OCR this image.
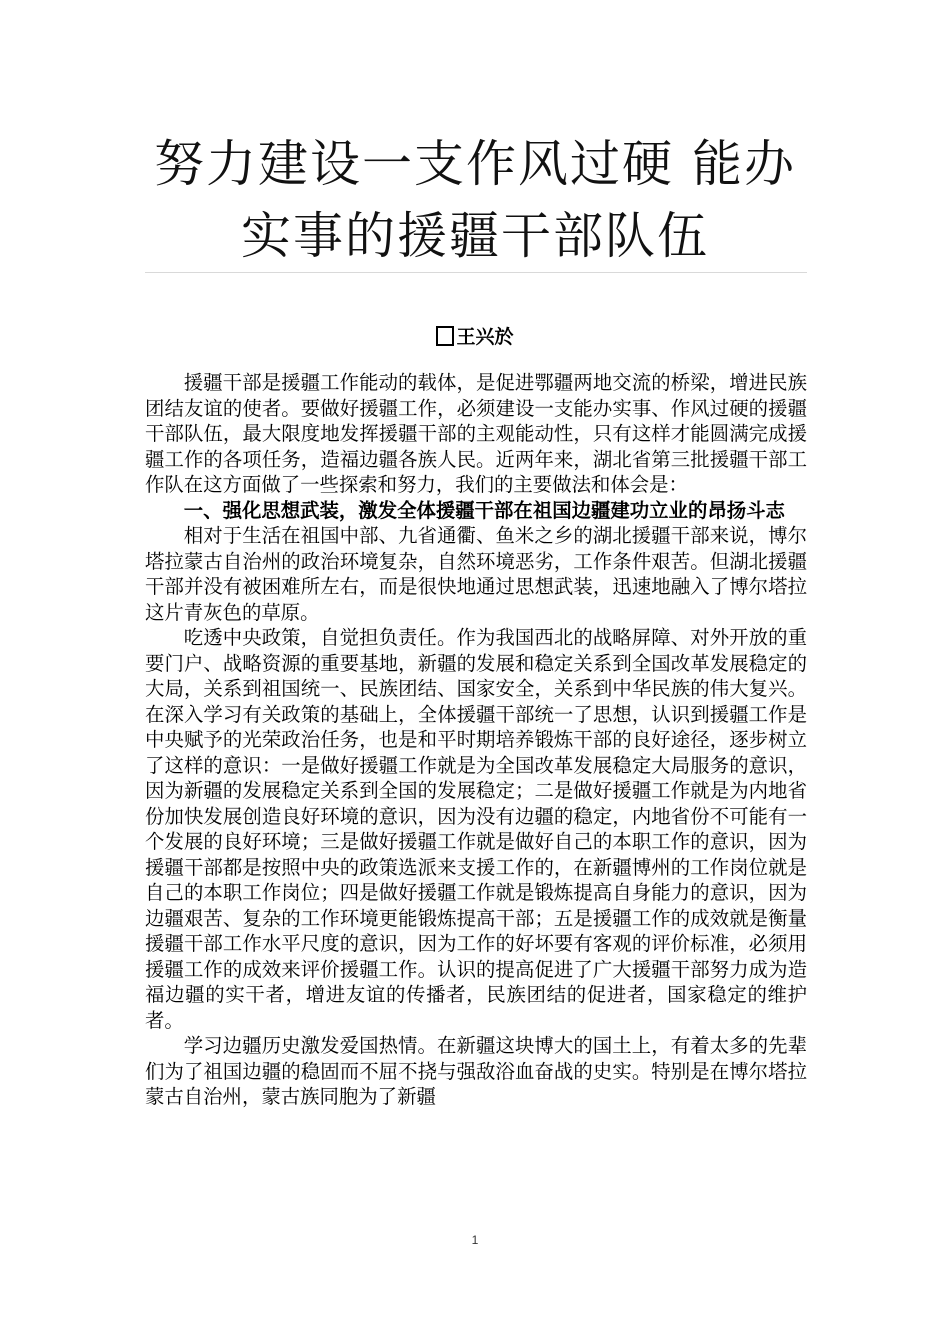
努力建设一支作风过硬 能办
实事的援疆干部队伍
王兴於

援疆干部是援疆工作能动的载体，是促进鄂疆两地交流的桥梁，增进民族团结友谊的使者。要做好援疆工作，必须建设一支能办实事、作风过硬的援疆干部队伍，最大限度地发挥援疆干部的主观能动性，只有这样才能圆满完成援疆工作的各项任务，造福边疆各族人民。近两年来，湖北省第三批援疆干部工作队在这方面做了一些探索和努力，我们的主要做法和体会是：

一、强化思想武装，激发全体援疆干部在祖国边疆建功立业的昂扬斗志

相对于生活在祖国中部、九省通衢、鱼米之乡的湖北援疆干部来说，博尔塔拉蒙古自治州的政治环境复杂，自然环境恶劣，工作条件艰苦。但湖北援疆干部并没有被困难所左右，而是很快地通过思想武装，迅速地融入了博尔塔拉这片青灰色的草原。

吃透中央政策，自觉担负责任。作为我国西北的战略屏障、对外开放的重要门户、战略资源的重要基地，新疆的发展和稳定关系到全国改革发展稳定的大局，关系到祖国统一、民族团结、国家安全，关系到中华民族的伟大复兴。在深入学习有关政策的基础上，全体援疆干部统一了思想，认识到援疆工作是中央赋予的光荣政治任务，也是和平时期培养锻炼干部的良好途径，逐步树立了这样的意识：一是做好援疆工作就是为全国改革发展稳定大局服务的意识，因为新疆的发展稳定关系到全国的发展稳定；二是做好援疆工作就是为内地省份加快发展创造良好环境的意识，因为没有边疆的稳定，内地省份不可能有一个发展的良好环境；三是做好援疆工作就是做好自己的本职工作的意识，因为援疆干部都是按照中央的政策选派来支援工作的，在新疆博州的工作岗位就是自己的本职工作岗位；四是做好援疆工作就是锻炼提高自身能力的意识，因为边疆艰苦、复杂的工作环境更能锻炼提高干部；五是援疆工作的成效就是衡量援疆干部工作水平尺度的意识，因为工作的好坏要有客观的评价标准，必须用援疆工作的成效来评价援疆工作。认识的提高促进了广大援疆干部努力成为造福边疆的实干者，增进友谊的传播者，民族团结的促进者，国家稳定的维护者。

学习边疆历史激发爱国热情。在新疆这块博大的国土上，有着太多的先辈们为了祖国边疆的稳固而不屈不挠与强敌浴血奋战的史实。特别是在博尔塔拉蒙古自治州，蒙古族同胞为了新疆

1
